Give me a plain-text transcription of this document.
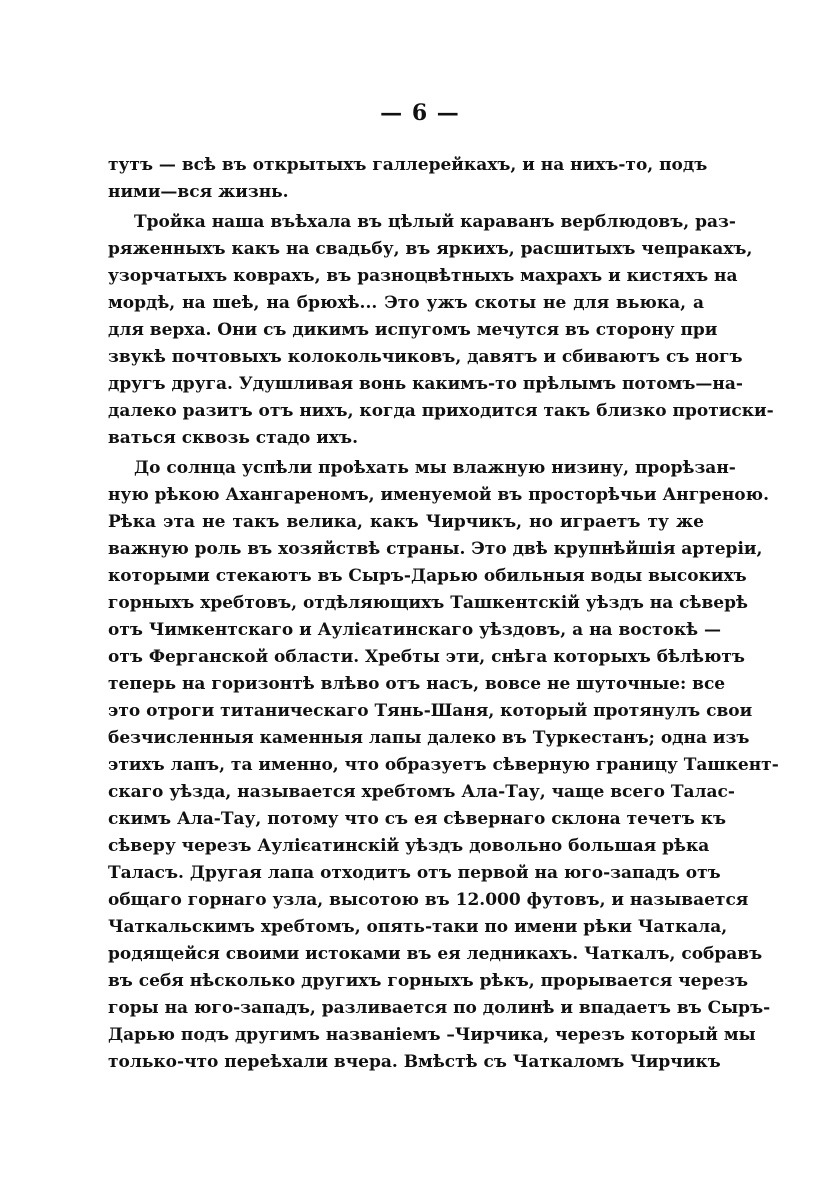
— 6 —
тутъ — всѣ въ открытыхъ галлерейкахъ, и на нихъ-то, подъ
ними—вся жизнь.
Тройка наша въѣхала въ цѣлый караванъ верблюдовъ, раз-
ряженныхъ какъ на свадьбу, въ яркихъ, расшитыхъ чепракахъ,
узорчатыхъ коврахъ, въ разноцвѣтныхъ махрахъ и кистяхъ на
мордѣ, на шеѣ, на брюхѣ... Это ужъ скоты не для вьюка, а
для верха. Они съ дикимъ испугомъ мечутся въ сторону при
звукѣ почтовыхъ колокольчиковъ, давятъ и сбиваютъ съ ногъ
другъ друга. Удушливая вонь какимъ-то прѣлымъ потомъ—на-
далеко разитъ отъ нихъ, когда приходится такъ близко протиски-
ваться сквозь стадо ихъ.
До солнца успѣли проѣхать мы влажную низину, прорѣзан-
ную рѣкою Ахангареномъ, именуемой въ просторѣчьи Ангреною.
Рѣка эта не такъ велика, какъ Чирчикъ, но играетъ ту же
важную роль въ хозяйствѣ страны. Это двѣ крупнѣйшія артеріи,
которыми стекаютъ въ Сыръ-Дарью обильныя воды высокихъ
горныхъ хребтовъ, отдѣляющихъ Ташкентскій уѣздъ на сѣверѣ
отъ Чимкентскаго и Аулієатинскаго уѣздовъ, а на востокѣ —
отъ Ферганской области. Хребты эти, снѣга которыхъ бѣлѣютъ
теперь на горизонтѣ влѣво отъ насъ, вовсе не шуточные: все
это отроги титаническаго Тянь-Шаня, который протянулъ свои
безчисленныя каменныя лапы далеко въ Туркестанъ; одна изъ
этихъ лапъ, та именно, что образуетъ сѣверную границу Ташкент-
скаго уѣзда, называется хребтомъ Ала-Тау, чаще всего Талас-
скимъ Ала-Тау, потому что съ ея сѣвернаго склона течетъ къ
сѣверу черезъ Аулієатинскій уѣздъ довольно большая рѣка
Таласъ. Другая лапа отходитъ отъ первой на юго-западъ отъ
общаго горнаго узла, высотою въ 12.000 футовъ, и называется
Чаткальскимъ хребтомъ, опять-таки по имени рѣки Чаткала,
родящейся своими истоками въ ея ледникахъ. Чаткалъ, собравъ
въ себя нѣсколько другихъ горныхъ рѣкъ, прорывается черезъ
горы на юго-западъ, разливается по долинѣ и впадаетъ въ Сыръ-
Дарью подъ другимъ названіемъ –Чирчика, черезъ который мы
только-что переѣхали вчера. Вмѣстѣ съ Чаткаломъ Чирчикъ
